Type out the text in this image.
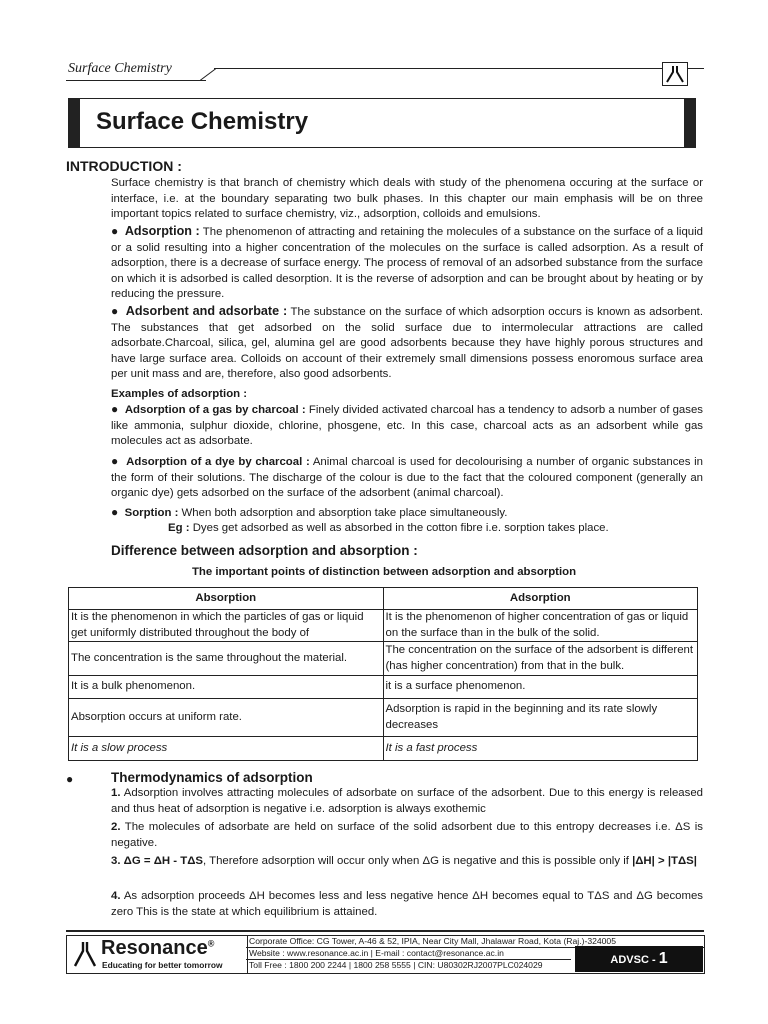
Surface Chemistry
Surface Chemistry
INTRODUCTION :

Surface chemistry is that branch of chemistry which deals with study of the phenomena occuring at the surface or interface, i.e. at the boundary separating two bulk phases. In this chapter our main emphasis will be on three important topics related to surface chemistry, viz., adsorption, colloids and emulsions.

● Adsorption : The phenomenon of attracting and retaining the molecules of a substance on the surface of a liquid or a solid resulting into a higher concentration of the molecules on the surface is called adsorption. As a result of adsorption, there is a decrease of surface energy. The process of removal of an adsorbed substance from the surface on which it is adsorbed is called desorption. It is the reverse of adsorption and can be brought about by heating or by reducing the pressure.

● Adsorbent and adsorbate : The substance on the surface of which adsorption occurs is known as adsorbent. The substances that get adsorbed on the solid surface due to intermolecular attractions are called adsorbate.Charcoal, silica, gel, alumina gel are good adsorbents because they have highly porous structures and have large surface area. Colloids on account of their extremely small dimensions possess enoromous surface area per unit mass and are, therefore, also good adsorbents.

Examples of adsorption :

● Adsorption of a gas by charcoal : Finely divided activated charcoal has a tendency to adsorb a number of gases like ammonia, sulphur dioxide, chlorine, phosgene, etc. In this case, charcoal acts as an adsorbent while gas molecules act as adsorbate.

● Adsorption of a dye by charcoal : Animal charcoal is used for decolourising a number of organic substances in the form of their solutions. The discharge of the colour is due to the fact that the coloured component (generally an organic dye) gets adsorbed on the surface of the adsorbent (animal charcoal).

● Sorption : When both adsorption and absorption take place simultaneously.

Eg : Dyes get adsorbed as well as absorbed in the cotton fibre i.e. sorption takes place.

Difference between adsorption and absorption :
The important points of distinction between adsorption and absorption
Absorption	Adsorption
It is the phenomenon in which the particles of gas or liquid get uniformly distributed throughout the body of	It is the phenomenon of higher concentration of gas or liquid on the surface than in the bulk of the solid.
The concentration is the same throughout the material.	The concentration on the surface of the adsorbent is different (has higher concentration) from that in the bulk.
It is a bulk phenomenon.	it is a surface phenomenon.
Absorption occurs at uniform rate.	Adsorption is rapid in the beginning and its rate slowly decreases
It is a slow process	It is a fast process
●	Thermodynamics of adsorption

1. Adsorption involves attracting molecules of adsorbate on surface of the adsorbent. Due to this energy is released and thus heat of adsorption is negative i.e. adsorption is always exothemic

2. The molecules of adsorbate are held on surface of the solid adsorbent due to this entropy decreases i.e. ΔS is negative.

3. ΔG = ΔH - TΔS, Therefore adsorption will occur only when ΔG is negative and this is possible only if |ΔH| > |TΔS|

4. As adsorption proceeds ΔH becomes less and less negative hence ΔH becomes equal to TΔS and ΔG becomes zero This is the state at which equilibrium is attained.

Resonance®
Educating for better tomorrow
Corporate Office: CG Tower, A-46 & 52, IPIA, Near City Mall, Jhalawar Road, Kota (Raj.)-324005
Website : www.resonance.ac.in | E-mail : contact@resonance.ac.in
Toll Free : 1800 200 2244 | 1800 258 5555 | CIN: U80302RJ2007PLC024029	ADVSC - 1
